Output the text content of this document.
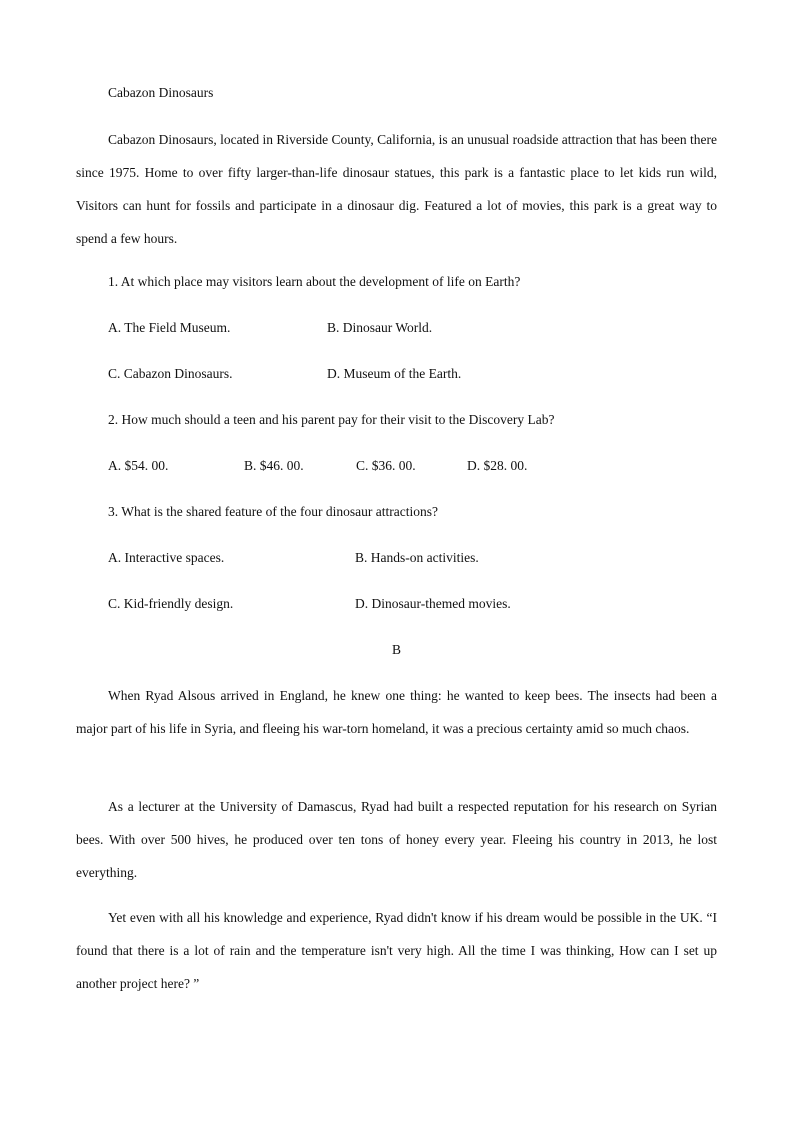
Cabazon Dinosaurs
Cabazon Dinosaurs, located in Riverside County, California, is an unusual roadside attraction that has been there since 1975. Home to over fifty larger-than-life dinosaur statues, this park is a fantastic place to let kids run wild, Visitors can hunt for fossils and participate in a dinosaur dig. Featured a lot of movies, this park is a great way to spend a few hours.
1. At which place may visitors learn about the development of life on Earth?
A. The Field Museum.	B. Dinosaur World.
C. Cabazon Dinosaurs.	D. Museum of the Earth.
2. How much should a teen and his parent pay for their visit to the Discovery Lab?
A. $54. 00.	B. $46. 00.	C. $36. 00.	D. $28. 00.
3. What is the shared feature of the four dinosaur attractions?
A. Interactive spaces.	B. Hands-on activities.
C. Kid-friendly design.	D. Dinosaur-themed movies.
B
When Ryad Alsous arrived in England, he knew one thing: he wanted to keep bees. The insects had been a major part of his life in Syria, and fleeing his war-torn homeland, it was a precious certainty amid so much chaos.
As a lecturer at the University of Damascus, Ryad had built a respected reputation for his research on Syrian bees. With over 500 hives, he produced over ten tons of honey every year. Fleeing his country in 2013, he lost everything.
Yet even with all his knowledge and experience, Ryad didn't know if his dream would be possible in the UK. “I found that there is a lot of rain and the temperature isn't very high. All the time I was thinking, How can I set up another project here? ”
